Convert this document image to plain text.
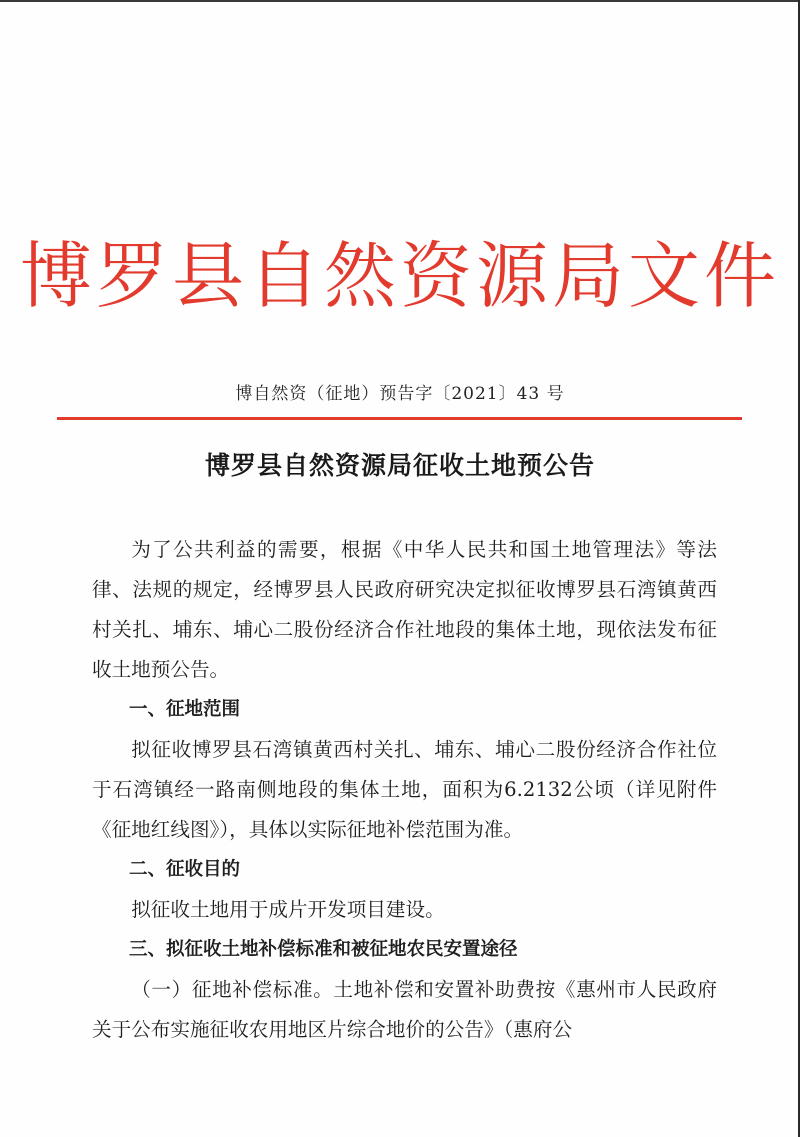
博罗县自然资源局文件
博自然资（征地）预告字〔2021〕43 号
博罗县自然资源局征收土地预公告

为了公共利益的需要，根据《中华人民共和国土地管理法》等法律、法规的规定，经博罗县人民政府研究决定拟征收博罗县石湾镇黄西村关扎、埔东、埔心二股份经济合作社地段的集体土地，现依法发布征收土地预公告。

一、征地范围

拟征收博罗县石湾镇黄西村关扎、埔东、埔心二股份经济合作社位于石湾镇经一路南侧地段的集体土地，面积为6.2132公顷（详见附件《征地红线图》），具体以实际征地补偿范围为准。

二、征收目的

拟征收土地用于成片开发项目建设。

三、拟征收土地补偿标准和被征地农民安置途径

（一）征地补偿标准。土地补偿和安置补助费按《惠州市人民政府关于公布实施征收农用地区片综合地价的公告》（惠府公
